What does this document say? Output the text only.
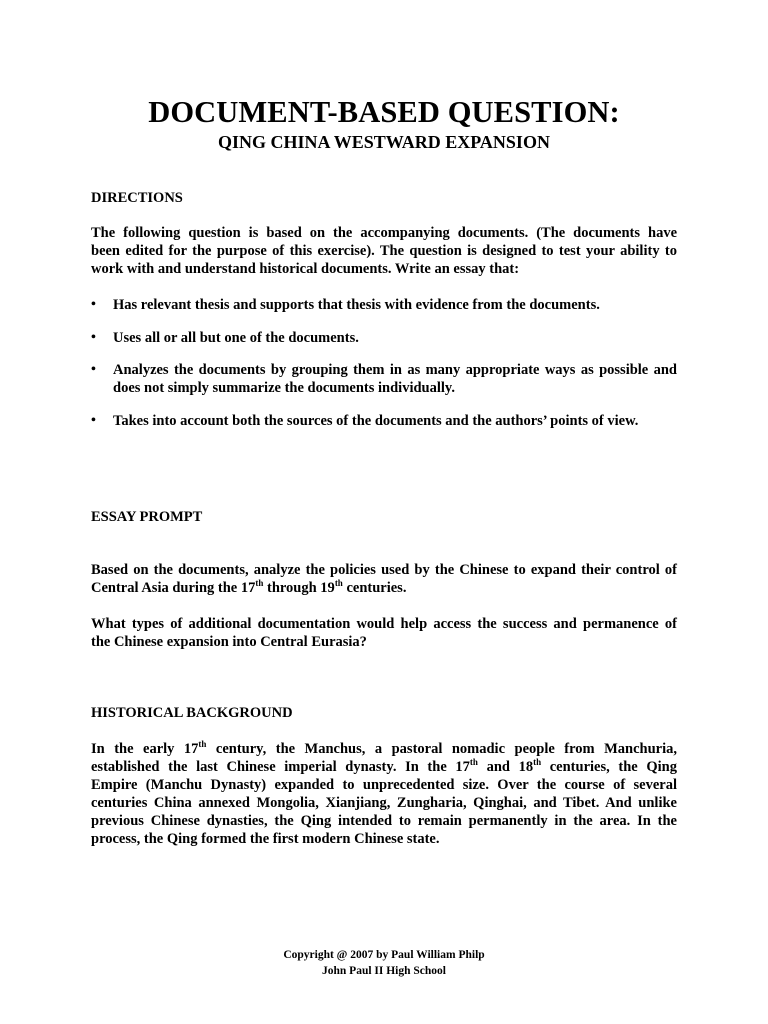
DOCUMENT-BASED QUESTION:
QING CHINA WESTWARD EXPANSION
DIRECTIONS
The following question is based on the accompanying documents. (The documents have
been edited for the purpose of this exercise). The question is designed to test your ability to
work with and understand historical documents. Write an essay that:
•	Has relevant thesis and supports that thesis with evidence from the documents.
•	Uses all or all but one of the documents.
•	Analyzes the documents by grouping them in as many appropriate ways as possible and
does not simply summarize the documents individually.
•	Takes into account both the sources of the documents and the authors’ points of view.
ESSAY PROMPT
Based on the documents, analyze the policies used by the Chinese to expand their control of
Central Asia during the 17th through 19th centuries.
What types of additional documentation would help access the success and permanence of
the Chinese expansion into Central Eurasia?
HISTORICAL BACKGROUND
In the early 17th century, the Manchus, a pastoral nomadic people from Manchuria,
established the last Chinese imperial dynasty. In the 17th and 18th centuries, the Qing
Empire (Manchu Dynasty) expanded to unprecedented size. Over the course of several
centuries China annexed Mongolia, Xianjiang, Zungharia, Qinghai, and Tibet. And unlike
previous Chinese dynasties, the Qing intended to remain permanently in the area. In the
process, the Qing formed the first modern Chinese state.
Copyright @ 2007 by Paul William Philp
John Paul II High School
